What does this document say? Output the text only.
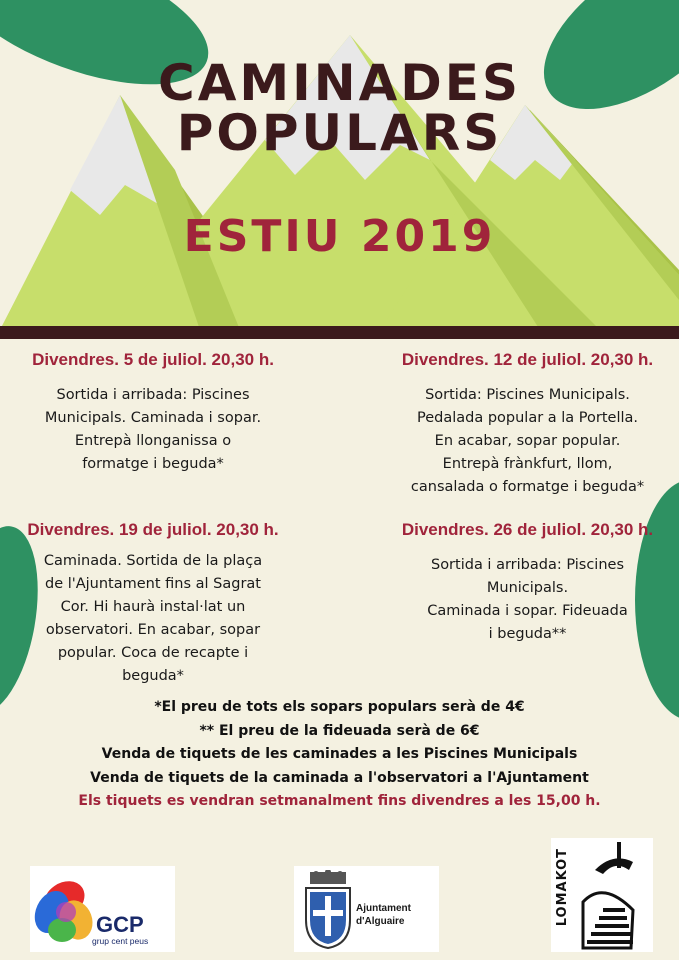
CAMINADES
POPULARS
ESTIU 2019
Divendres. 5 de juliol. 20,30 h.
Sortida i arribada: Piscines
Municipals. Caminada i sopar.
Entrepà llonganissa o
formatge i beguda*
Divendres. 12 de juliol. 20,30 h.
Sortida: Piscines Municipals.
Pedalada popular a la Portella.
En acabar, sopar popular.
Entrepà frànkfurt, llom,
cansalada o formatge i beguda*
Divendres. 19 de juliol. 20,30 h.
Caminada. Sortida de la plaça
de l'Ajuntament fins al Sagrat
Cor. Hi haurà instal·lat un
observatori. En acabar, sopar
popular. Coca de recapte i
beguda*
Divendres. 26 de juliol. 20,30 h.
Sortida i arribada: Piscines
Municipals.
Caminada i sopar. Fideuada
i beguda**
*El preu de tots els sopars populars serà de 4€
** El preu de la fideuada serà de 6€
Venda de tiquets de les caminades a les Piscines Municipals
Venda de tiquets de la caminada a l'observatori a l'Ajuntament
Els tiquets es vendran setmanalment fins divendres a les 15,00 h.
GCP
grup cent peus
Ajuntament
d'Alguaire	LOMAKOT
